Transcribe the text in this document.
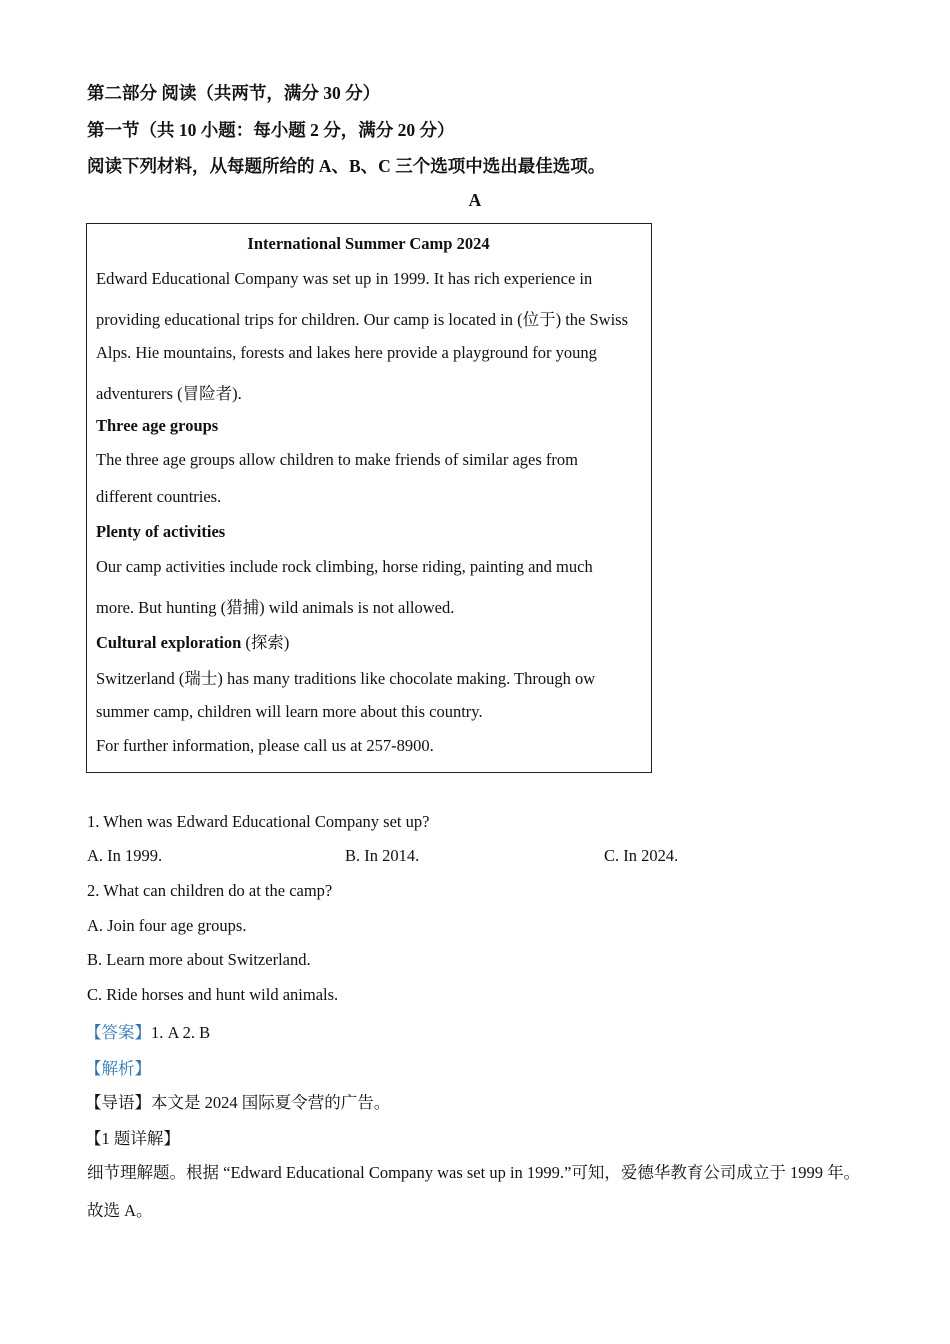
第二部分 阅读（共两节，满分 30 分）
第一节（共 10 小题：每小题 2 分，满分 20 分）
阅读下列材料，从每题所给的 A、B、C 三个选项中选出最佳选项。
A
International Summer Camp 2024
Edward Educational Company was set up in 1999. It has rich experience in
providing educational trips for children. Our camp is located in (位于) the Swiss
Alps. Hie mountains, forests and lakes here provide a playground for young
adventurers (冒险者).
Three age groups
The three age groups allow children to make friends of similar ages from
different countries.
Plenty of activities
Our camp activities include rock climbing, horse riding, painting and much
more. But hunting (猎捕) wild animals is not allowed.
Cultural exploration (探索)
Switzerland (瑞士) has many traditions like chocolate making. Through ow
summer camp, children will learn more about this country.
For further information, please call us at 257-8900.
1. When was Edward Educational Company set up?
A. In 1999.	B. In 2014.	C. In 2024.
2. What can children do at the camp?
A. Join four age groups.
B. Learn more about Switzerland.
C. Ride horses and hunt wild animals.
【答案】1. A 2. B
【解析】
【导语】本文是 2024 国际夏令营的广告。
【1 题详解】
细节理解题。根据 “Edward Educational Company was set up in 1999.”可知，爱德华教育公司成立于 1999 年。
故选 A。
